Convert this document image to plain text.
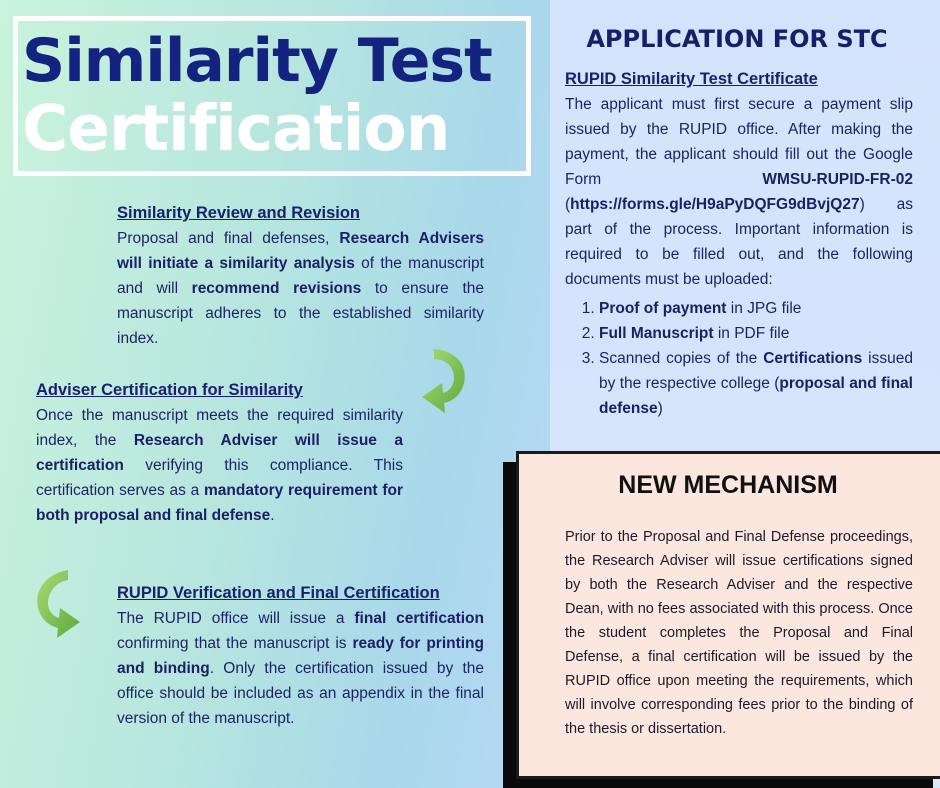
Similarity Test
Certification
Similarity Review and Revision

Proposal and final defenses, Research Advisers will initiate a similarity analysis of the manuscript and will recommend revisions to ensure the manuscript adheres to the established similarity index.

Adviser Certification for Similarity

Once the manuscript meets the required similarity index, the Research Adviser will issue a certification verifying this compliance. This certification serves as a mandatory requirement for both proposal and final defense.

RUPID Verification and Final Certification

The RUPID office will issue a final certification confirming that the manuscript is ready for printing and binding. Only the certification issued by the office should be included as an appendix in the final version of the manuscript.

APPLICATION FOR STC
RUPID Similarity Test Certificate

The applicant must first secure a payment slip issued by the RUPID office. After making the payment, the applicant should fill out the Google Form WMSU-RUPID-FR-02 (https://forms.gle/H9aPyDQFG9dBvjQ27) as part of the process. Important information is required to be filled out, and the following documents must be uploaded:

1. Proof of payment in JPG file
2. Full Manuscript in PDF file
3. Scanned copies of the Certifications issued by the respective college (proposal and final defense)
NEW MECHANISM
Prior to the Proposal and Final Defense proceedings, the Research Adviser will issue certifications signed by both the Research Adviser and the respective Dean, with no fees associated with this process. Once the student completes the Proposal and Final Defense, a final certification will be issued by the RUPID office upon meeting the requirements, which will involve corresponding fees prior to the binding of the thesis or dissertation.
